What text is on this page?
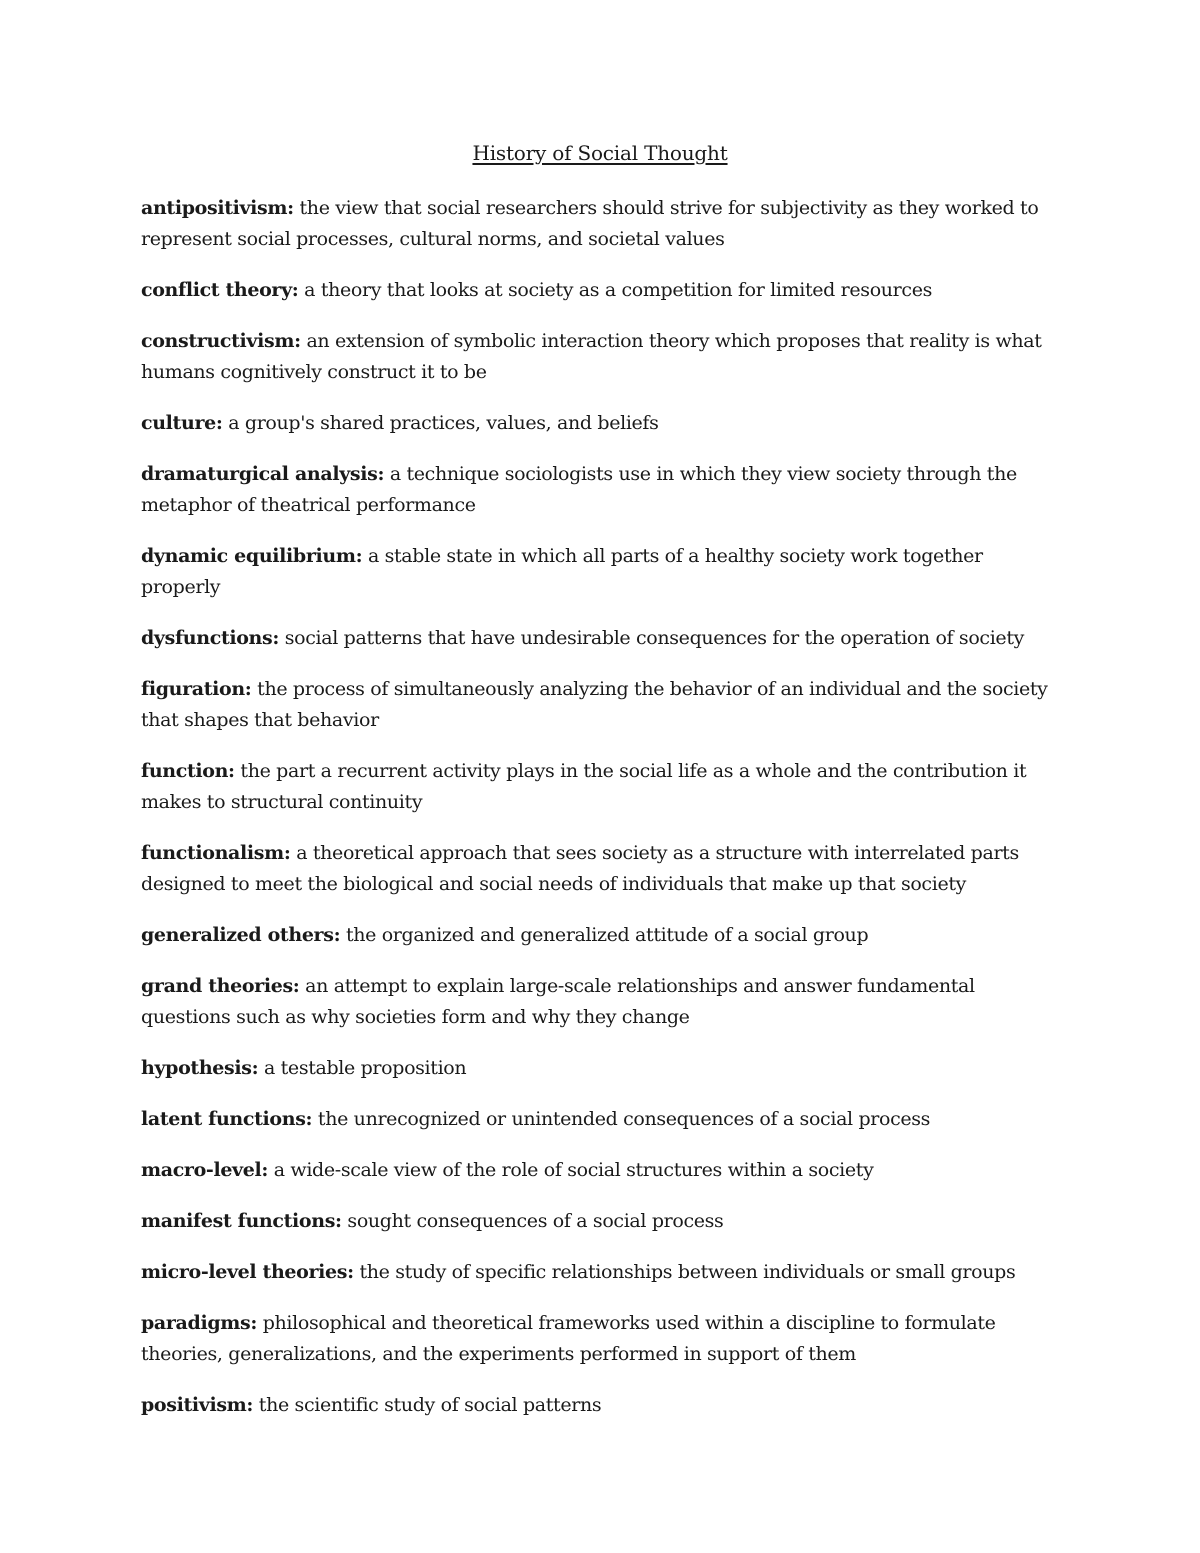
History of Social Thought

antipositivism: the view that social researchers should strive for subjectivity as they worked to represent social processes, cultural norms, and societal values

conflict theory: a theory that looks at society as a competition for limited resources

constructivism: an extension of symbolic interaction theory which proposes that reality is what humans cognitively construct it to be

culture: a group's shared practices, values, and beliefs

dramaturgical analysis: a technique sociologists use in which they view society through the metaphor of theatrical performance

dynamic equilibrium: a stable state in which all parts of a healthy society work together properly

dysfunctions: social patterns that have undesirable consequences for the operation of society

figuration: the process of simultaneously analyzing the behavior of an individual and the society that shapes that behavior

function: the part a recurrent activity plays in the social life as a whole and the contribution it makes to structural continuity

functionalism: a theoretical approach that sees society as a structure with interrelated parts designed to meet the biological and social needs of individuals that make up that society

generalized others: the organized and generalized attitude of a social group

grand theories: an attempt to explain large-scale relationships and answer fundamental questions such as why societies form and why they change

hypothesis: a testable proposition

latent functions: the unrecognized or unintended consequences of a social process

macro-level: a wide-scale view of the role of social structures within a society

manifest functions: sought consequences of a social process

micro-level theories: the study of specific relationships between individuals or small groups

paradigms: philosophical and theoretical frameworks used within a discipline to formulate theories, generalizations, and the experiments performed in support of them

positivism: the scientific study of social patterns
